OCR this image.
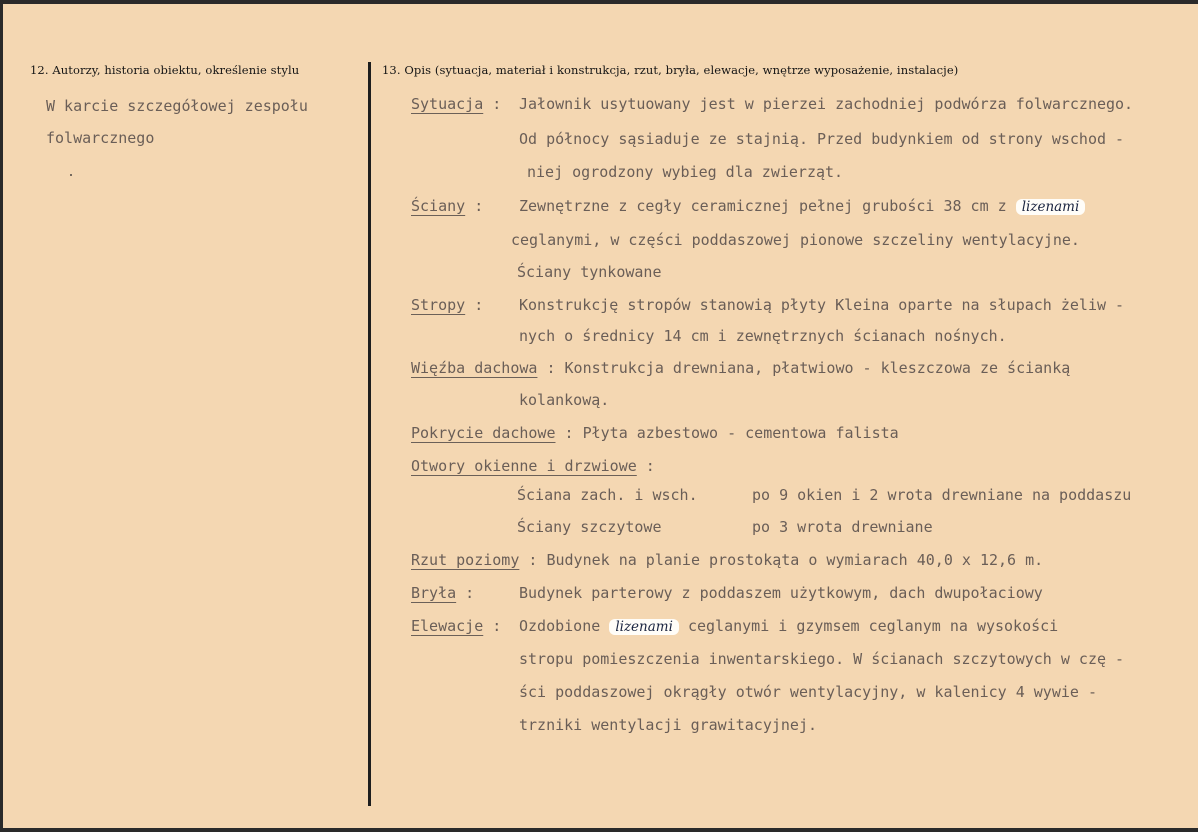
12. Autorzy, historia obiektu, określenie stylu
W karcie szczegółowej zespołu
folwarcznego
13. Opis (sytuacja, materiał i konstrukcja, rzut, bryła, elewacje, wnętrze wyposażenie, instalacje)
Sytuacja : Jałownik usytuowany jest w pierzei zachodniej podwórza folwarcznego.
Od północy sąsiaduje ze stajnią. Przed budynkiem od strony wschod -
niej ogrodzony wybieg dla zwierząt.
Ściany : Zewnętrzne z cegły ceramicznej pełnej grubości 38 cm z lizenami
ceglanymi, w części poddaszowej pionowe szczeliny wentylacyjne.
Ściany tynkowane
Stropy : Konstrukcję stropów stanowią płyty Kleina oparte na słupach żeliw -
nych o średnicy 14 cm i zewnętrznych ścianach nośnych.
Więźba dachowa : Konstrukcja drewniana, płatwiowo - kleszczowa ze ścianką
kolankową.
Pokrycie dachowe : Płyta azbestowo - cementowa falista
Otwory okienne i drzwiowe :
Ściana zach. i wsch.	po 9 okien i 2 wrota drewniane na poddaszu
Ściany szczytowe	po 3 wrota drewniane
Rzut poziomy : Budynek na planie prostokąta o wymiarach 40,0 x 12,6 m.
Bryła :	Budynek parterowy z poddaszem użytkowym, dach dwupołaciowy
Elewacje : Ozdobione lizenami ceglanymi i gzymsem ceglanym na wysokości
stropu pomieszczenia inwentarskiego. W ścianach szczytowych w czę -
ści poddaszowej okrągły otwór wentylacyjny, w kalenicy 4 wywie -
trzniki wentylacji grawitacyjnej.
